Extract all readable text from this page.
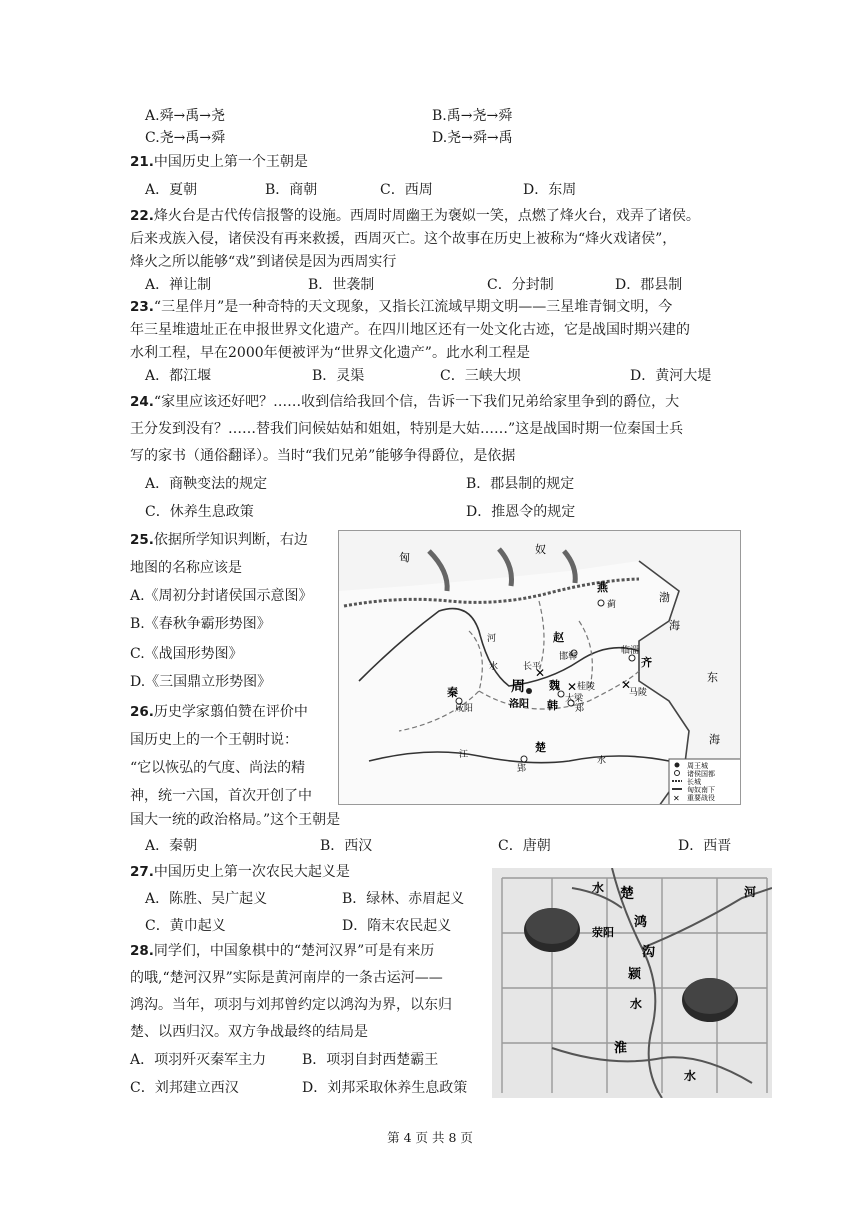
A.舜→禹→尧	B.禹→尧→舜
C.尧→禹→舜	D.尧→舜→禹
21.中国历史上第一个王朝是
A．夏朝	B．商朝	C．西周	D．东周
22.烽火台是古代传信报警的设施。西周时周幽王为褒姒一笑，点燃了烽火台，戏弄了诸侯。
后来戎族入侵，诸侯没有再来救援，西周灭亡。这个故事在历史上被称为“烽火戏诸侯”，
烽火之所以能够“戏”到诸侯是因为西周实行
A．禅让制	B．世袭制	C．分封制	D．郡县制
23.“三星伴月”是一种奇特的天文现象，又指长江流域早期文明——三星堆青铜文明，今
年三星堆遗址正在申报世界文化遗产。在四川地区还有一处文化古迹，它是战国时期兴建的
水利工程，早在2000年便被评为“世界文化遗产”。此水利工程是
A．都江堰	B．灵渠	C．三峡大坝	D．黄河大堤
24.“家里应该还好吧？……收到信给我回个信，告诉一下我们兄弟给家里争到的爵位，大
王分发到没有？……替我们问候姑姑和姐姐，特别是大姑……”这是战国时期一位秦国士兵
写的家书（通俗翻译）。当时“我们兄弟”能够争得爵位，是依据
A．商鞅变法的规定	B．郡县制的规定
C．休养生息政策	D．推恩令的规定
25.依据所学知识判断，右边
地图的名称应该是
A.《周初分封诸侯国示意图》
B.《春秋争霸形势图》
C.《战国形势图》
D.《三国鼎立形势图》
✕
✕	✕
匈
奴
燕
蓟
渤
海
赵
邯郸
长平
临淄
齐
秦
咸阳
周
洛阳
魏 桂陵
大梁
韩 郑
马陵
东
海
楚
郢
河
水
江
水
✕
周王城
诸侯国都
长城
匈奴南下
重要战役
26.历史学家翦伯赞在评价中
国历史上的一个王朝时说：
“它以恢弘的气度、尚法的精
神，统一六国，首次开创了中
国大一统的政治格局。”这个王朝是
A．秦朝	B．西汉	C．唐朝	D．西晋
27.中国历史上第一次农民大起义是
A．陈胜、吴广起义	B．绿林、赤眉起义
C．黄巾起义	D．隋末农民起义
水 楚	河
荥阳
鸿
沟
颍
水
淮
水
28.同学们，中国象棋中的“楚河汉界”可是有来历
的哦,“楚河汉界”实际是黄河南岸的一条古运河——
鸿沟。当年，项羽与刘邦曾约定以鸿沟为界，以东归
楚、以西归汉。双方争战最终的结局是
A．项羽歼灭秦军主力	B．项羽自封西楚霸王
C．刘邦建立西汉	D．刘邦采取休养生息政策
第 4 页 共 8 页
